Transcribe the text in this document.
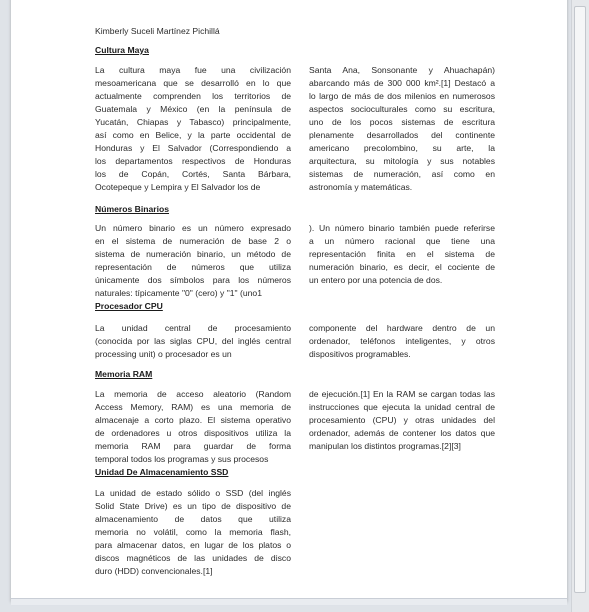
Kimberly Suceli Martínez Pichillá
Cultura Maya
La cultura maya fue una civilización
mesoamericana que se desarrolló en lo que
actualmente comprenden los territorios de
Guatemala y México (en la península de
Yucatán, Chiapas y Tabasco) principalmente,
así como en Belice, y la parte occidental de
Honduras y El Salvador (Correspondiendo a
los departamentos respectivos de Honduras
los de Copán, Cortés, Santa Bárbara,
Ocotepeque y Lempira y El Salvador los de
Santa Ana, Sonsonante y Ahuachapán)
abarcando más de 300 000 km².[1] Destacó a
lo largo de más de dos milenios en numerosos
aspectos socioculturales como su escritura,
uno de los pocos sistemas de escritura
plenamente desarrollados del continente
americano precolombino, su arte, la
arquitectura, su mitología y sus notables
sistemas de numeración, así como en
astronomía y matemáticas.
Números Binarios
Un número binario es un número expresado
en el sistema de numeración de base 2 o
sistema de numeración binario, un método de
representación de números que utiliza
únicamente dos símbolos para los números
naturales: típicamente "0" (cero) y "1" (uno1
). Un número binario también puede referirse
a un número racional que tiene una
representación finita en el sistema de
numeración binario, es decir, el cociente de
un entero por una potencia de dos.
Procesador CPU
La unidad central de procesamiento
(conocida por las siglas CPU, del inglés central
processing unit) o procesador es un
componente del hardware dentro de un
ordenador, teléfonos inteligentes, y otros
dispositivos programables.
Memoria RAM
La memoria de acceso aleatorio (Random
Access Memory, RAM) es una memoria de
almacenaje a corto plazo. El sistema operativo
de ordenadores u otros dispositivos utiliza la
memoria RAM para guardar de forma
temporal todos los programas y sus procesos
de ejecución.[1] En la RAM se cargan todas las
instrucciones que ejecuta la unidad central de
procesamiento (CPU) y otras unidades del
ordenador, además de contener los datos que
manipulan los distintos programas.[2][3]
Unidad De Almacenamiento SSD
La unidad de estado sólido o SSD (del inglés
Solid State Drive) es un tipo de dispositivo de
almacenamiento de datos que utiliza
memoria no volátil, como la memoria flash,
para almacenar datos, en lugar de los platos o
discos magnéticos de las unidades de disco
duro (HDD) convencionales.[1]
